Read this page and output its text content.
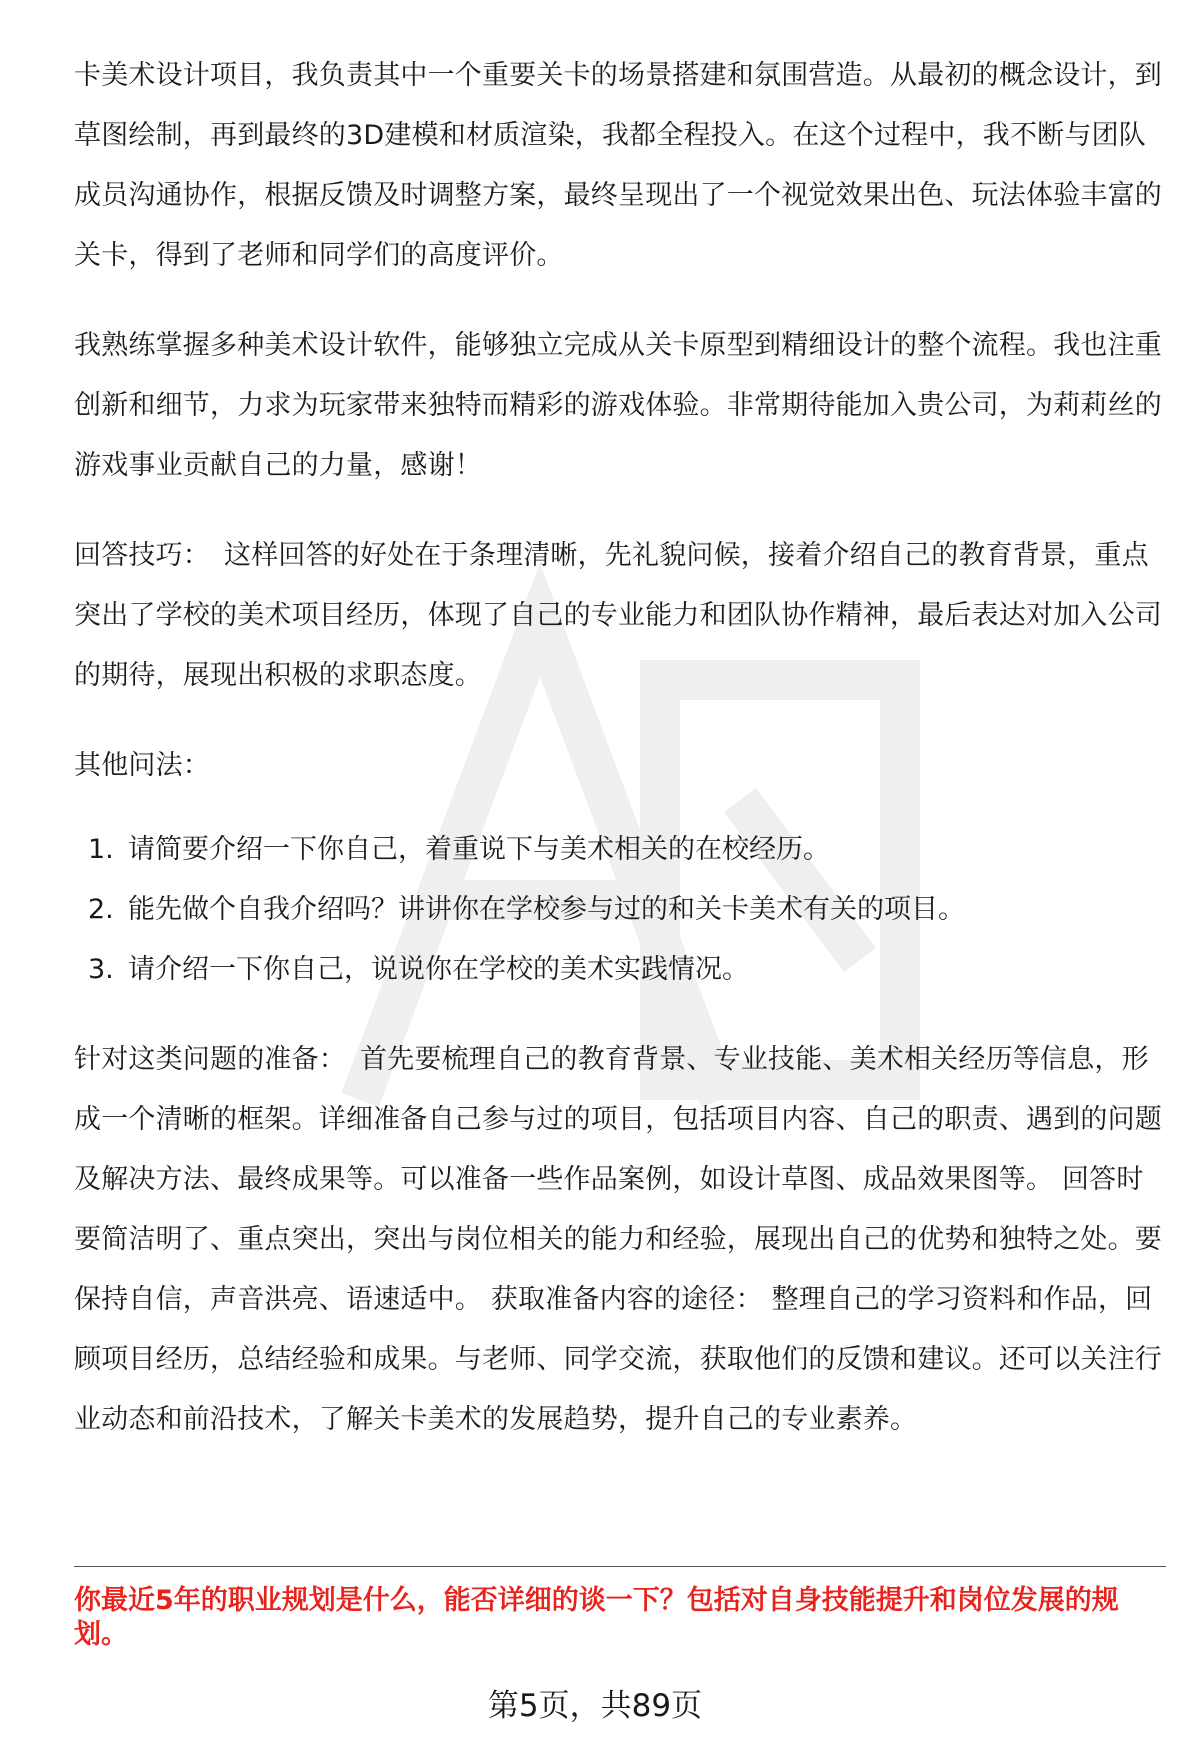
卡美术设计项目，我负责其中一个重要关卡的场景搭建和氛围营造。从最初的概念设计，到草图绘制，再到最终的3D建模和材质渲染，我都全程投入。在这个过程中，我不断与团队成员沟通协作，根据反馈及时调整方案，最终呈现出了一个视觉效果出色、玩法体验丰富的关卡，得到了老师和同学们的高度评价。

我熟练掌握多种美术设计软件，能够独立完成从关卡原型到精细设计的整个流程。我也注重创新和细节，力求为玩家带来独特而精彩的游戏体验。非常期待能加入贵公司，为莉莉丝的游戏事业贡献自己的力量，感谢！

回答技巧： 这样回答的好处在于条理清晰，先礼貌问候，接着介绍自己的教育背景，重点突出了学校的美术项目经历，体现了自己的专业能力和团队协作精神，最后表达对加入公司的期待，展现出积极的求职态度。

其他问法：

1. 请简要介绍一下你自己，着重说下与美术相关的在校经历。
2. 能先做个自我介绍吗？讲讲你在学校参与过的和关卡美术有关的项目。
3. 请介绍一下你自己，说说你在学校的美术实践情况。

针对这类问题的准备： 首先要梳理自己的教育背景、专业技能、美术相关经历等信息，形成一个清晰的框架。详细准备自己参与过的项目，包括项目内容、自己的职责、遇到的问题及解决方法、最终成果等。可以准备一些作品案例，如设计草图、成品效果图等。 回答时要简洁明了、重点突出，突出与岗位相关的能力和经验，展现出自己的优势和独特之处。要保持自信，声音洪亮、语速适中。 获取准备内容的途径： 整理自己的学习资料和作品，回顾项目经历，总结经验和成果。与老师、同学交流，获取他们的反馈和建议。还可以关注行业动态和前沿技术，了解关卡美术的发展趋势，提升自己的专业素养。

你最近5年的职业规划是什么，能否详细的谈一下？包括对自身技能提升和岗位发展的规划。

第5页，共89页
